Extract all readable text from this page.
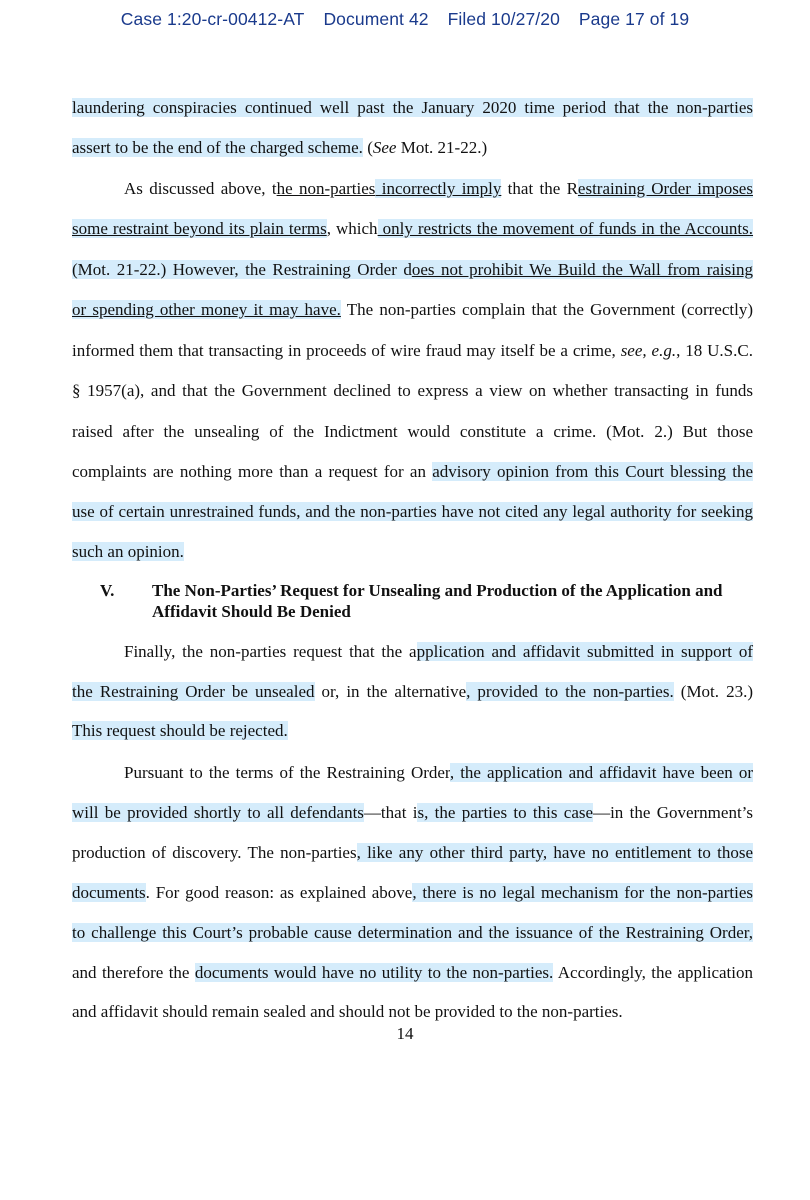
Case 1:20-cr-00412-AT Document 42 Filed 10/27/20 Page 17 of 19
laundering conspiracies continued well past the January 2020 time period that the non-parties
assert to be the end of the charged scheme. (See Mot. 21-22.)
As discussed above, the non-parties incorrectly imply that the Restraining Order imposes
some restraint beyond its plain terms, which only restricts the movement of funds in the Accounts.
(Mot. 21-22.) However, the Restraining Order does not prohibit We Build the Wall from raising
or spending other money it may have. The non-parties complain that the Government (correctly)
informed them that transacting in proceeds of wire fraud may itself be a crime, see, e.g., 18 U.S.C.
§ 1957(a), and that the Government declined to express a view on whether transacting in funds
raised after the unsealing of the Indictment would constitute a crime. (Mot. 2.) But those
complaints are nothing more than a request for an advisory opinion from this Court blessing the
use of certain unrestrained funds, and the non-parties have not cited any legal authority for seeking
such an opinion.
V. The Non-Parties’ Request for Unsealing and Production of the Application and Affidavit Should Be Denied
Finally, the non-parties request that the application and affidavit submitted in support of
the Restraining Order be unsealed or, in the alternative, provided to the non-parties. (Mot. 23.)
This request should be rejected.
Pursuant to the terms of the Restraining Order, the application and affidavit have been or
will be provided shortly to all defendants—that is, the parties to this case—in the Government’s
production of discovery. The non-parties, like any other third party, have no entitlement to those
documents. For good reason: as explained above, there is no legal mechanism for the non-parties
to challenge this Court’s probable cause determination and the issuance of the Restraining Order,
and therefore the documents would have no utility to the non-parties. Accordingly, the application
and affidavit should remain sealed and should not be provided to the non-parties.
14
